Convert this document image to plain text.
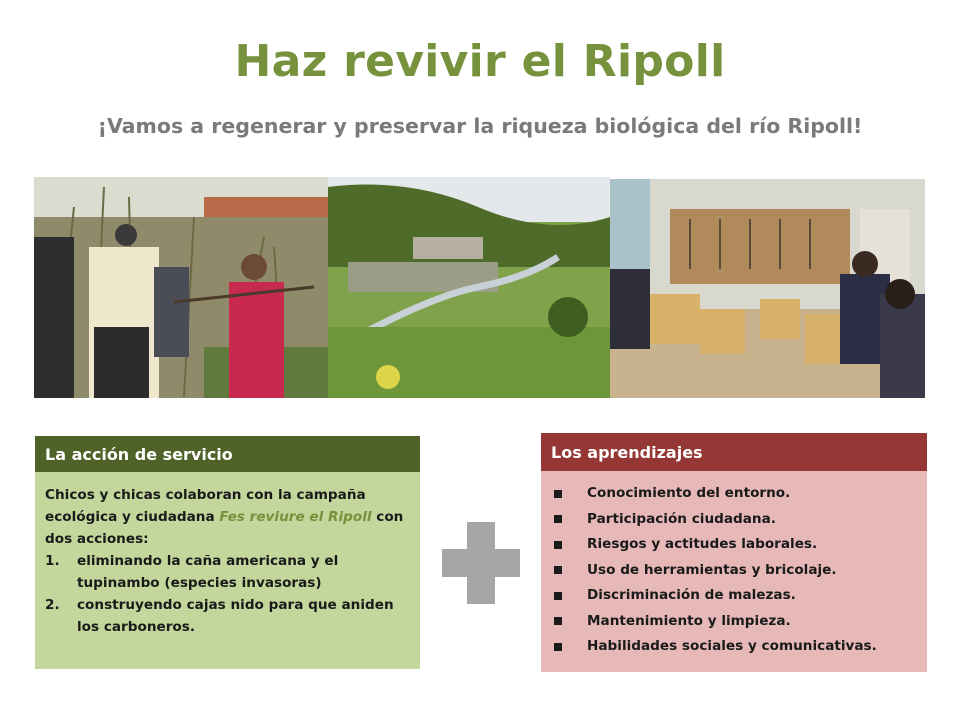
Haz revivir el Ripoll
¡Vamos a regenerar y preservar la riqueza biológica del río Ripoll!
La acción de servicio

Chicos y chicas colaboran con la campaña ecológica y ciudadana Fes reviure el Ripoll con dos acciones:

1.	eliminando la caña americana y el tupinambo (especies invasoras)
2.	construyendo cajas nido para que aniden los carboneros.
Los aprendizajes
Conocimiento del entorno.
Participación ciudadana.
Riesgos y actitudes laborales.
Uso de herramientas y bricolaje.
Discriminación de malezas.
Mantenimiento y limpieza.
Habilidades sociales y comunicativas.
